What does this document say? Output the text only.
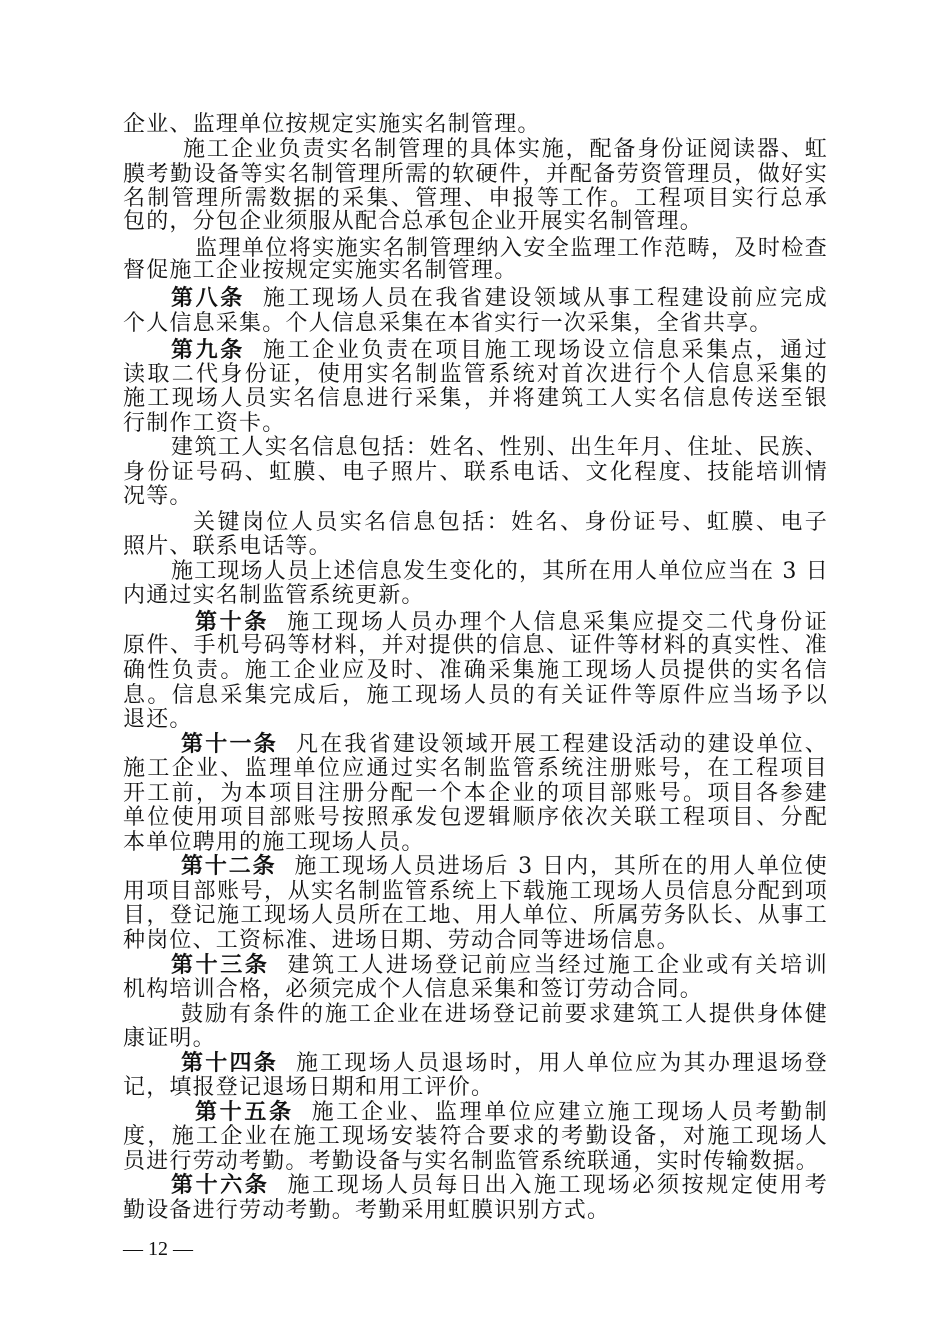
企业、监理单位按规定实施实名制管理。
施工企业负责实名制管理的具体实施，配备身份证阅读器、虹
膜考勤设备等实名制管理所需的软硬件，并配备劳资管理员，做好实
名制管理所需数据的采集、管理、申报等工作。工程项目实行总承
包的，分包企业须服从配合总承包企业开展实名制管理。
监理单位将实施实名制管理纳入安全监理工作范畴，及时检查
督促施工企业按规定实施实名制管理。
第八条 施工现场人员在我省建设领域从事工程建设前应完成
个人信息采集。个人信息采集在本省实行一次采集，全省共享。
第九条 施工企业负责在项目施工现场设立信息采集点，通过
读取二代身份证，使用实名制监管系统对首次进行个人信息采集的
施工现场人员实名信息进行采集，并将建筑工人实名信息传送至银
行制作工资卡。
建筑工人实名信息包括：姓名、性别、出生年月、住址、民族、
身份证号码、虹膜、电子照片、联系电话、文化程度、技能培训情
况等。
关键岗位人员实名信息包括：姓名、身份证号、虹膜、电子
照片、联系电话等。
施工现场人员上述信息发生变化的，其所在用人单位应当在 3 日
内通过实名制监管系统更新。
第十条 施工现场人员办理个人信息采集应提交二代身份证
原件、手机号码等材料，并对提供的信息、证件等材料的真实性、准
确性负责。施工企业应及时、准确采集施工现场人员提供的实名信
息。信息采集完成后，施工现场人员的有关证件等原件应当场予以
退还。
第十一条 凡在我省建设领域开展工程建设活动的建设单位、
施工企业、监理单位应通过实名制监管系统注册账号，在工程项目
开工前，为本项目注册分配一个本企业的项目部账号。项目各参建
单位使用项目部账号按照承发包逻辑顺序依次关联工程项目、分配
本单位聘用的施工现场人员。
第十二条 施工现场人员进场后 3 日内，其所在的用人单位使
用项目部账号，从实名制监管系统上下载施工现场人员信息分配到项
目，登记施工现场人员所在工地、用人单位、所属劳务队长、从事工
种岗位、工资标准、进场日期、劳动合同等进场信息。
第十三条 建筑工人进场登记前应当经过施工企业或有关培训
机构培训合格，必须完成个人信息采集和签订劳动合同。
鼓励有条件的施工企业在进场登记前要求建筑工人提供身体健
康证明。
第十四条 施工现场人员退场时，用人单位应为其办理退场登
记，填报登记退场日期和用工评价。
第十五条 施工企业、监理单位应建立施工现场人员考勤制
度，施工企业在施工现场安装符合要求的考勤设备，对施工现场人
员进行劳动考勤。考勤设备与实名制监管系统联通，实时传输数据。
第十六条 施工现场人员每日出入施工现场必须按规定使用考
勤设备进行劳动考勤。考勤采用虹膜识别方式。
— 12 —
